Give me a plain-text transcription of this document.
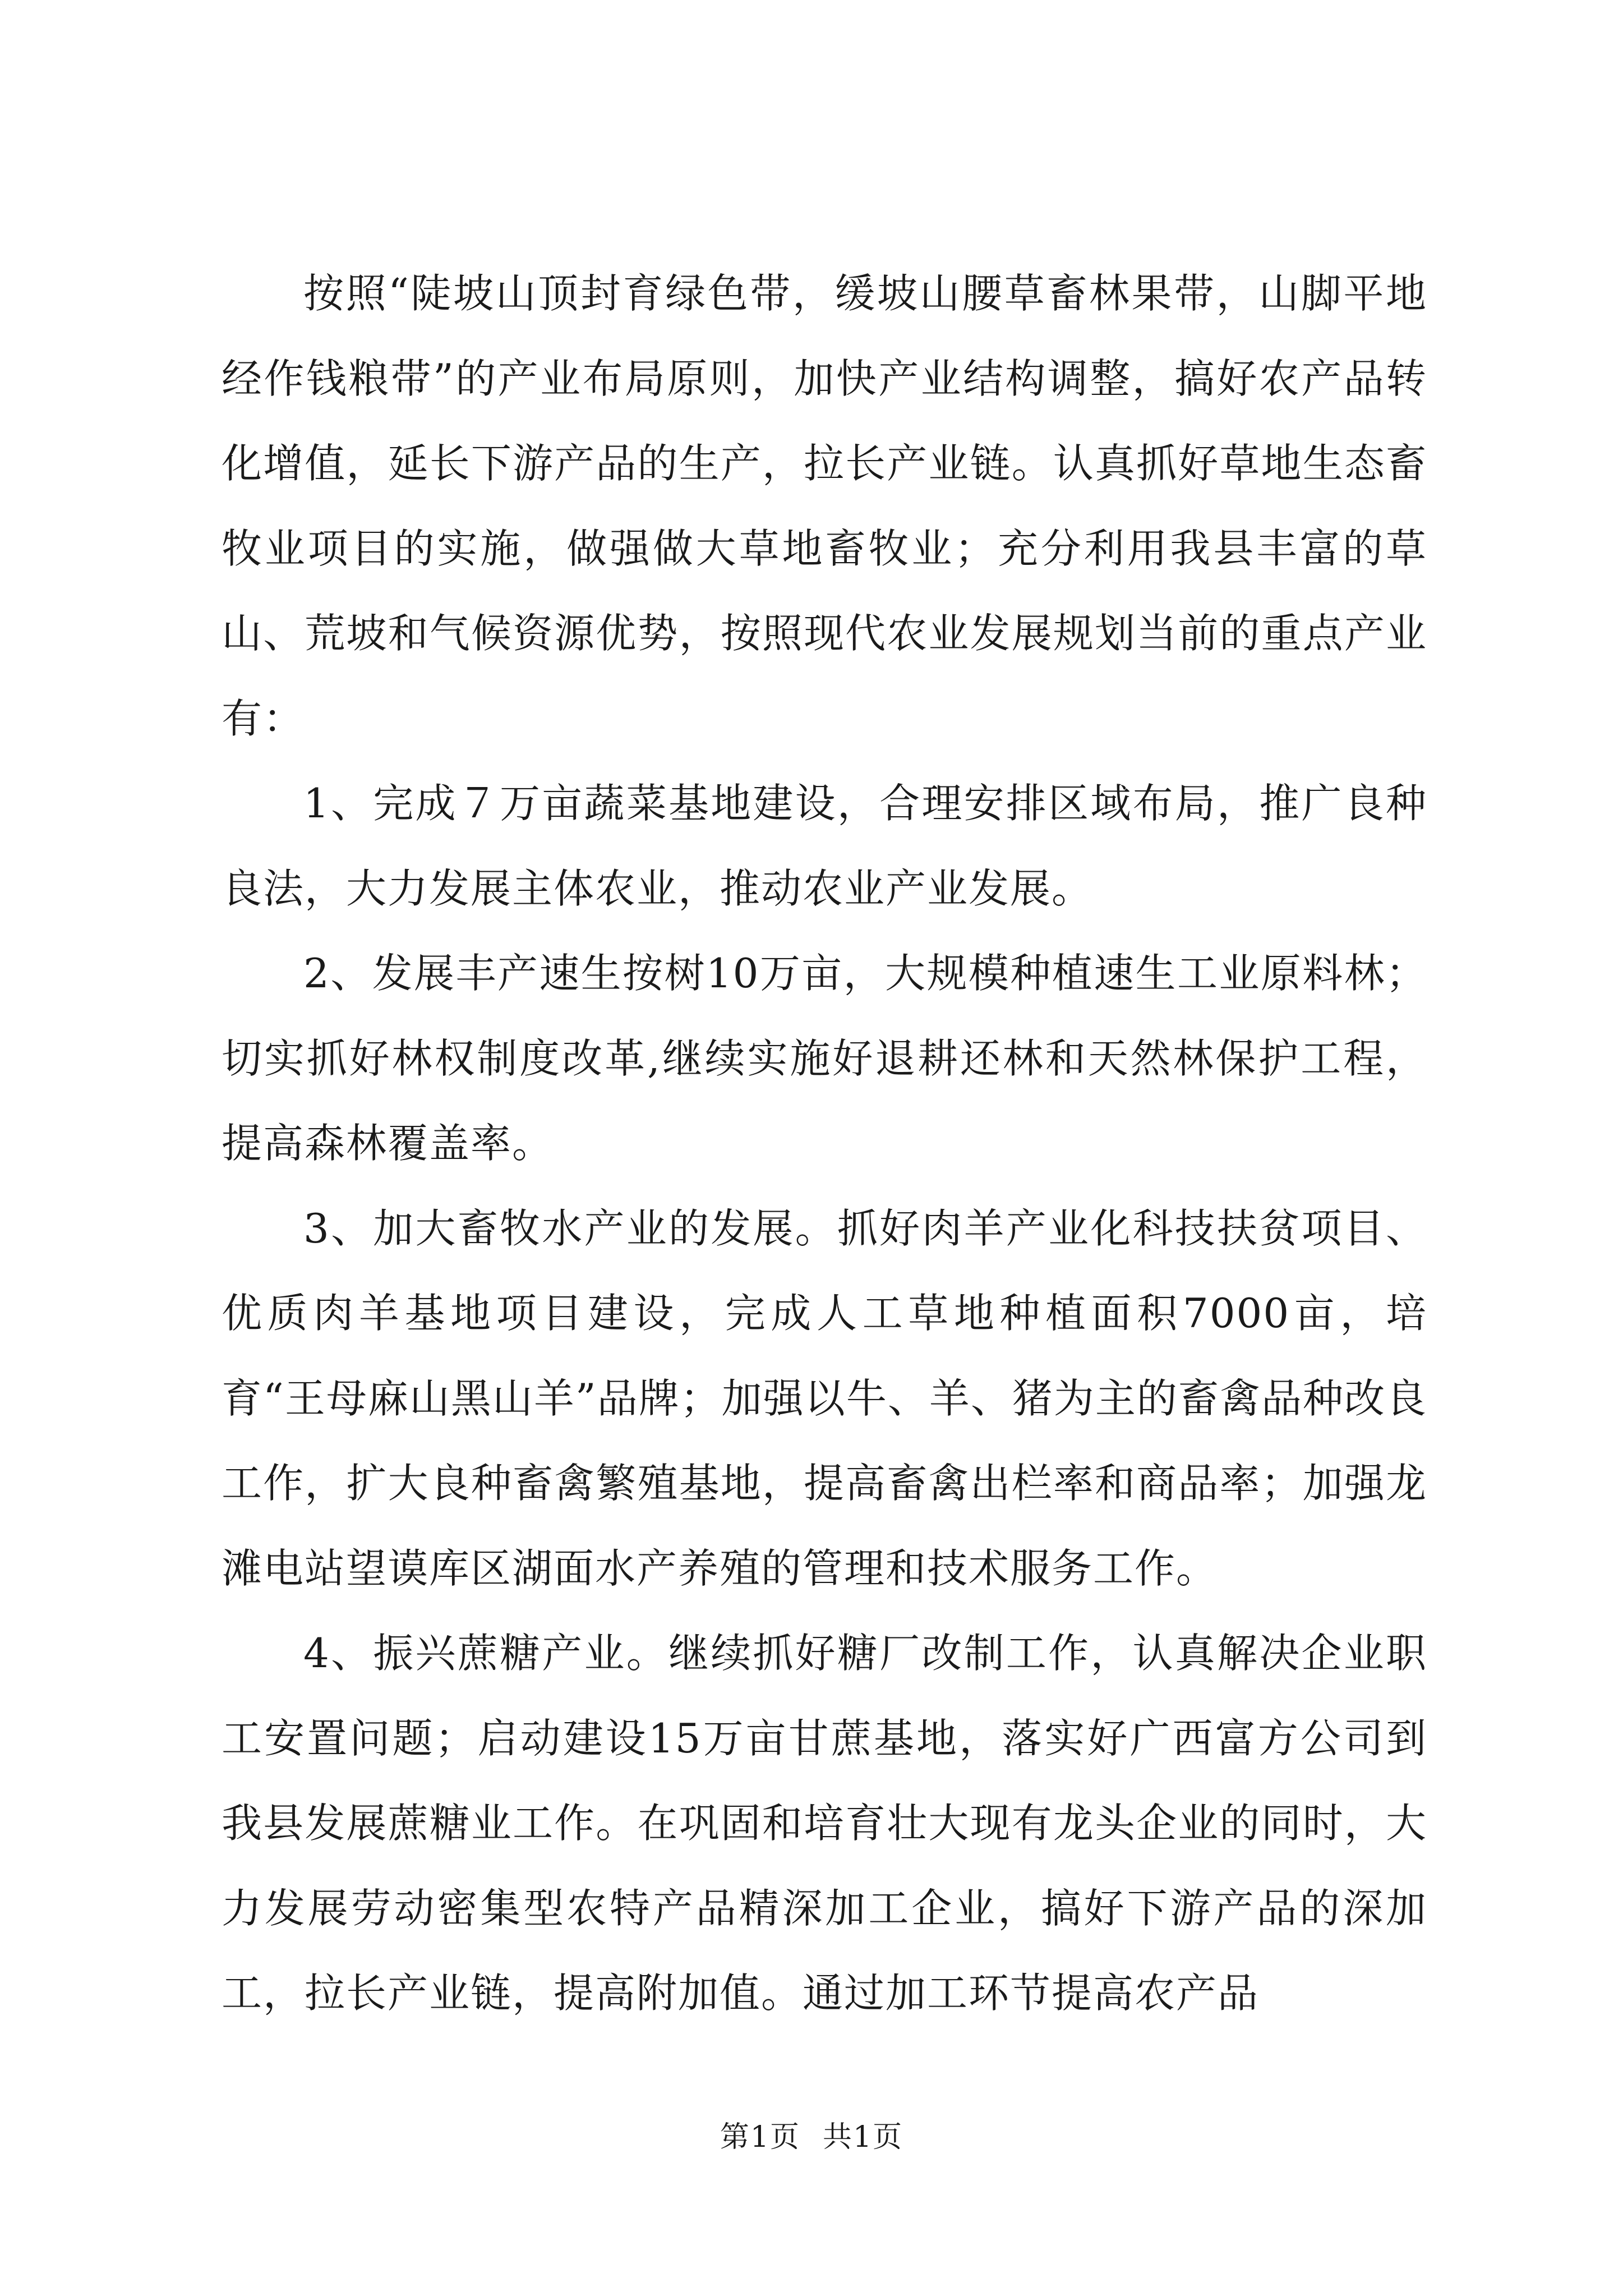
按照“陡坡山顶封育绿色带，缓坡山腰草畜林果带，山脚平地经作钱粮带”的产业布局原则，加快产业结构调整，搞好农产品转化增值，延长下游产品的生产，拉长产业链。认真抓好草地生态畜牧业项目的实施，做强做大草地畜牧业；充分利用我县丰富的草山、荒坡和气候资源优势，按照现代农业发展规划当前的重点产业有：

1、完成７万亩蔬菜基地建设，合理安排区域布局，推广良种良法，大力发展主体农业，推动农业产业发展。

2、发展丰产速生按树10万亩，大规模种植速生工业原料林；切实抓好林权制度改革,继续实施好退耕还林和天然林保护工程，提高森林覆盖率。

3、加大畜牧水产业的发展。抓好肉羊产业化科技扶贫项目、优质肉羊基地项目建设，完成人工草地种植面积7000亩，培育“王母麻山黑山羊”品牌；加强以牛、羊、猪为主的畜禽品种改良工作，扩大良种畜禽繁殖基地，提高畜禽出栏率和商品率；加强龙滩电站望谟库区湖面水产养殖的管理和技术服务工作。

4、振兴蔗糖产业。继续抓好糖厂改制工作，认真解决企业职工安置问题；启动建设15万亩甘蔗基地，落实好广西富方公司到我县发展蔗糖业工作。在巩固和培育壮大现有龙头企业的同时，大力发展劳动密集型农特产品精深加工企业，搞好下游产品的深加工，拉长产业链，提高附加值。通过加工环节提高农产品

第1页 共1页
